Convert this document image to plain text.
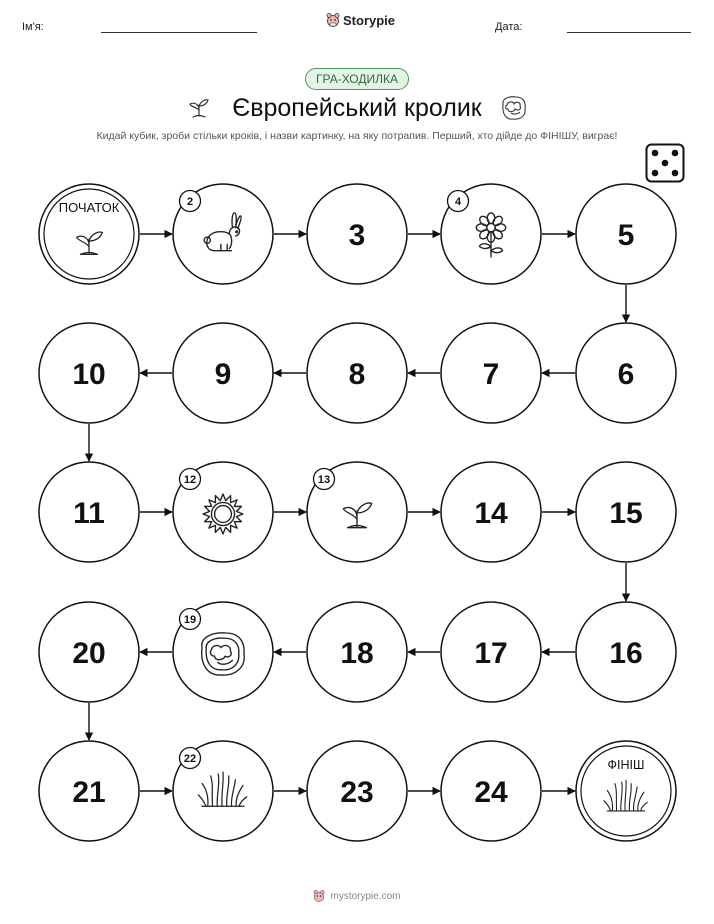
Ім'я:	Storypie	Дата:
ГРА-ХОДИЛКА
Європейський кролик
Кидай кубик, зроби стільки кроків, і назви картинку, на яку потрапив. Перший, хто дійде до ФІНІШУ, виграє!
ПОЧАТОК	2
3
4
5
6
7
8
9
10
11
12	13
14	15
16
17
18
19
20
21
22
23	24
ФІНІШ
mystorypie.com
